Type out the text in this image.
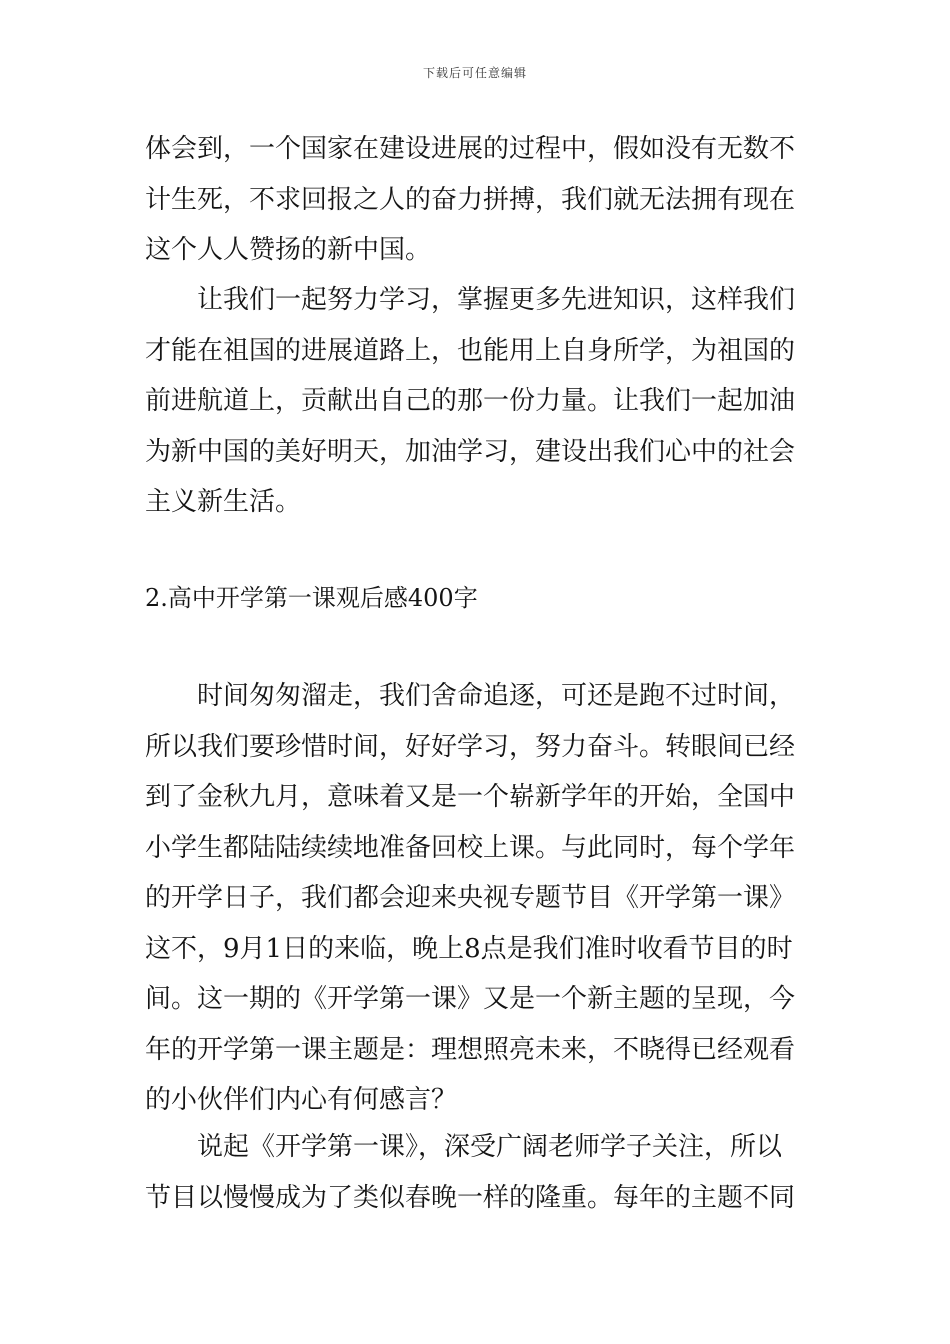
下载后可任意编辑
体会到，一个国家在建设进展的过程中，假如没有无数不
计生死，不求回报之人的奋力拼搏，我们就无法拥有现在
这个人人赞扬的新中国。
让我们一起努力学习，掌握更多先进知识，这样我们
才能在祖国的进展道路上，也能用上自身所学，为祖国的
前进航道上，贡献出自己的那一份力量。让我们一起加油
为新中国的美好明天，加油学习，建设出我们心中的社会
主义新生活。
2.高中开学第一课观后感400字
时间匆匆溜走，我们舍命追逐，可还是跑不过时间，
所以我们要珍惜时间，好好学习，努力奋斗。转眼间已经
到了金秋九月，意味着又是一个崭新学年的开始，全国中
小学生都陆陆续续地准备回校上课。与此同时，每个学年
的开学日子，我们都会迎来央视专题节目《开学第一课》
这不，9月1日的来临，晚上8点是我们准时收看节目的时
间。这一期的《开学第一课》又是一个新主题的呈现，今
年的开学第一课主题是：理想照亮未来，不晓得已经观看
的小伙伴们内心有何感言？
说起《开学第一课》，深受广阔老师学子关注，所以
节目以慢慢成为了类似春晚一样的隆重。每年的主题不同
